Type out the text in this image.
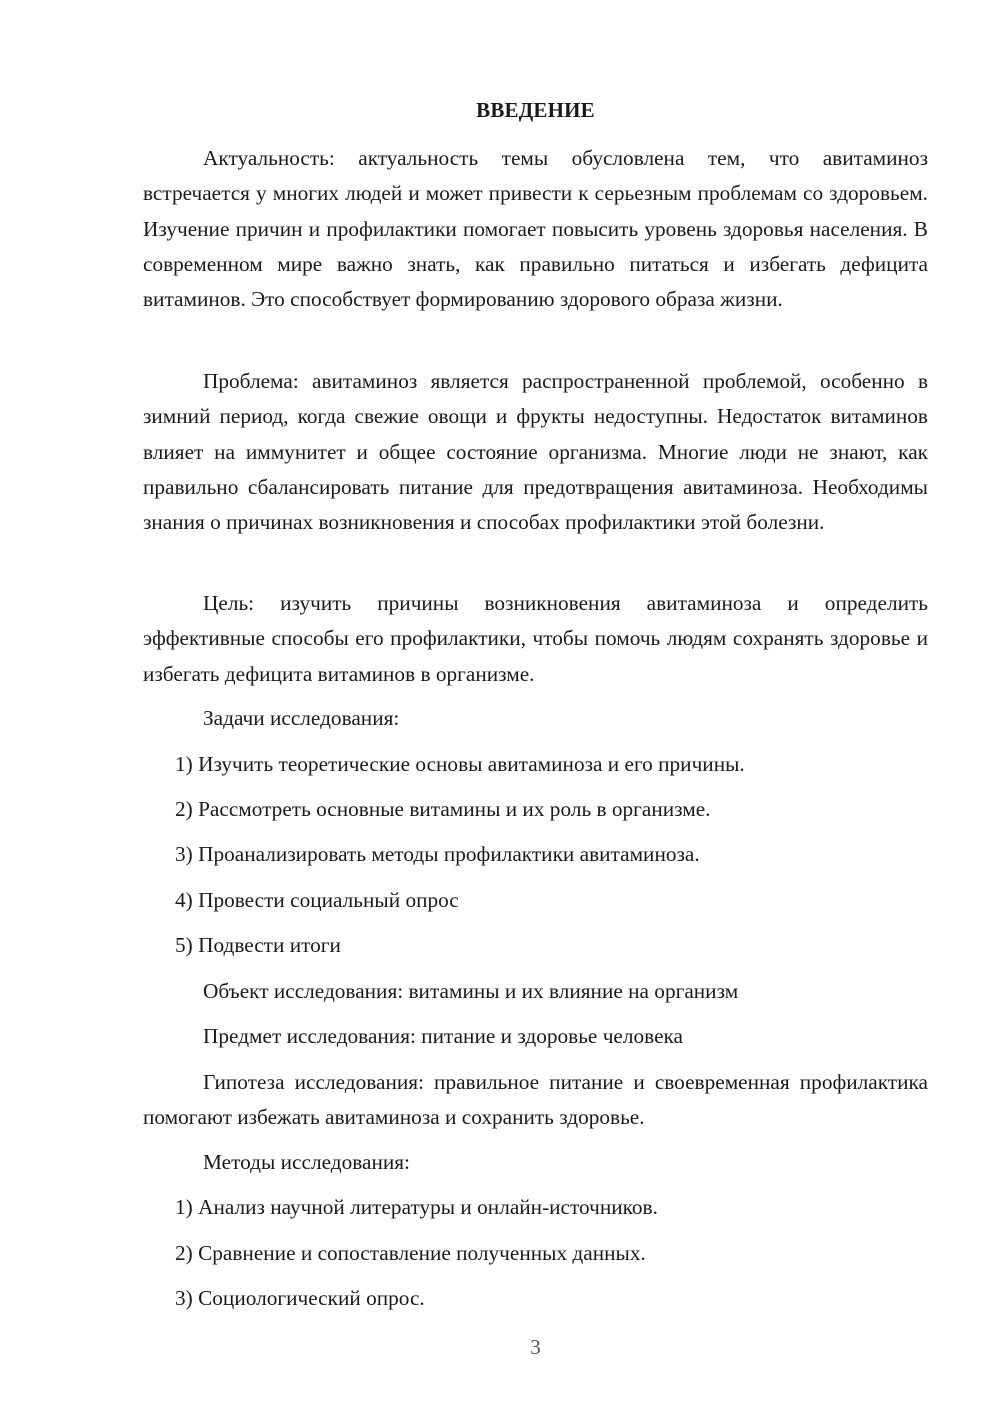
ВВЕДЕНИЕ

Актуальность: актуальность темы обусловлена тем, что авитаминоз встречается у многих людей и может привести к серьезным проблемам со здоровьем. Изучение причин и профилактики помогает повысить уровень здоровья населения. В современном мире важно знать, как правильно питаться и избегать дефицита витаминов. Это способствует формированию здорового образа жизни.

Проблема: авитаминоз является распространенной проблемой, особенно в зимний период, когда свежие овощи и фрукты недоступны. Недостаток витаминов влияет на иммунитет и общее состояние организма. Многие люди не знают, как правильно сбалансировать питание для предотвращения авитаминоза. Необходимы знания о причинах возникновения и способах профилактики этой болезни.

Цель: изучить причины возникновения авитаминоза и определить эффективные способы его профилактики, чтобы помочь людям сохранять здоровье и избегать дефицита витаминов в организме.

Задачи исследования:

1) Изучить теоретические основы авитаминоза и его причины.

2) Рассмотреть основные витамины и их роль в организме.

3) Проанализировать методы профилактики авитаминоза.

4) Провести социальный опрос

5) Подвести итоги

Объект исследования: витамины и их влияние на организм

Предмет исследования: питание и здоровье человека

Гипотеза исследования: правильное питание и своевременная профилактика помогают избежать авитаминоза и сохранить здоровье.

Методы исследования:

1) Анализ научной литературы и онлайн-источников.

2) Сравнение и сопоставление полученных данных.

3) Социологический опрос.

3
